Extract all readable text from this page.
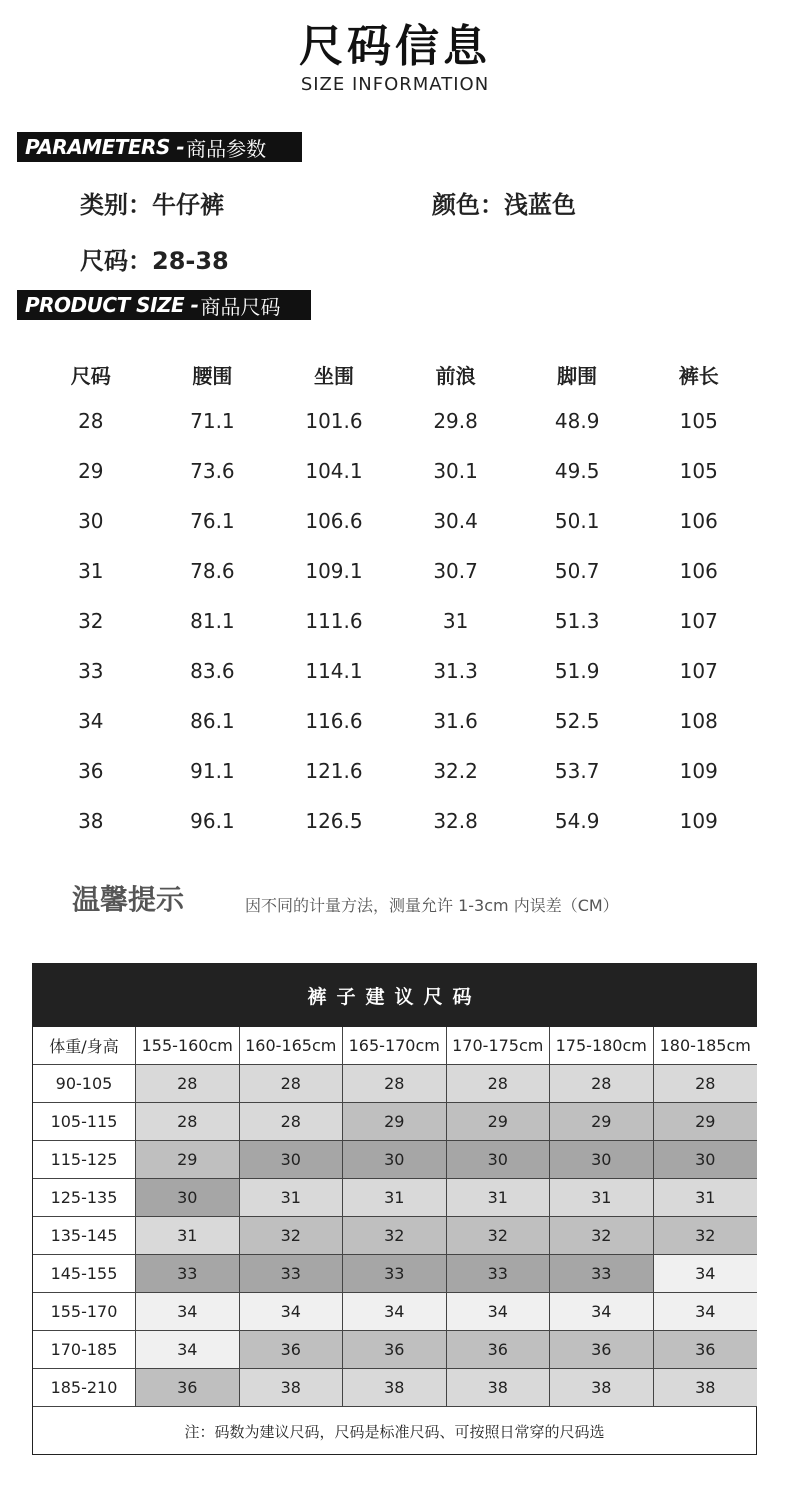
尺码信息
SIZE INFORMATION
PARAMETERS - 商品参数
类别：牛仔裤	颜色：浅蓝色
尺码：28-38
PRODUCT SIZE - 商品尺码
尺码	腰围	坐围	前浪	脚围	裤长
28	71.1	101.6	29.8	48.9	105
29	73.6	104.1	30.1	49.5	105
30	76.1	106.6	30.4	50.1	106
31	78.6	109.1	30.7	50.7	106
32	81.1	111.6	31	51.3	107
33	83.6	114.1	31.3	51.9	107
34	86.1	116.6	31.6	52.5	108
36	91.1	121.6	32.2	53.7	109
38	96.1	126.5	32.8	54.9	109
温馨提示	因不同的计量方法，测量允许 1-3cm 内误差（CM）
裤子建议尺码
体重/身高	155-160cm 160-165cm 165-170cm 170-175cm 175-180cm 180-185cm
90-105	28	28	28	28	28	28
105-115	28	28	29	29	29	29
115-125	29	30	30	30	30	30
125-135	30	31	31	31	31	31
135-145	31	32	32	32	32	32
145-155	33	33	33	33	33	34
155-170	34	34	34	34	34	34
170-185	34	36	36	36	36	36
185-210	36	38	38	38	38	38
注：码数为建议尺码，尺码是标准尺码、可按照日常穿的尺码选
